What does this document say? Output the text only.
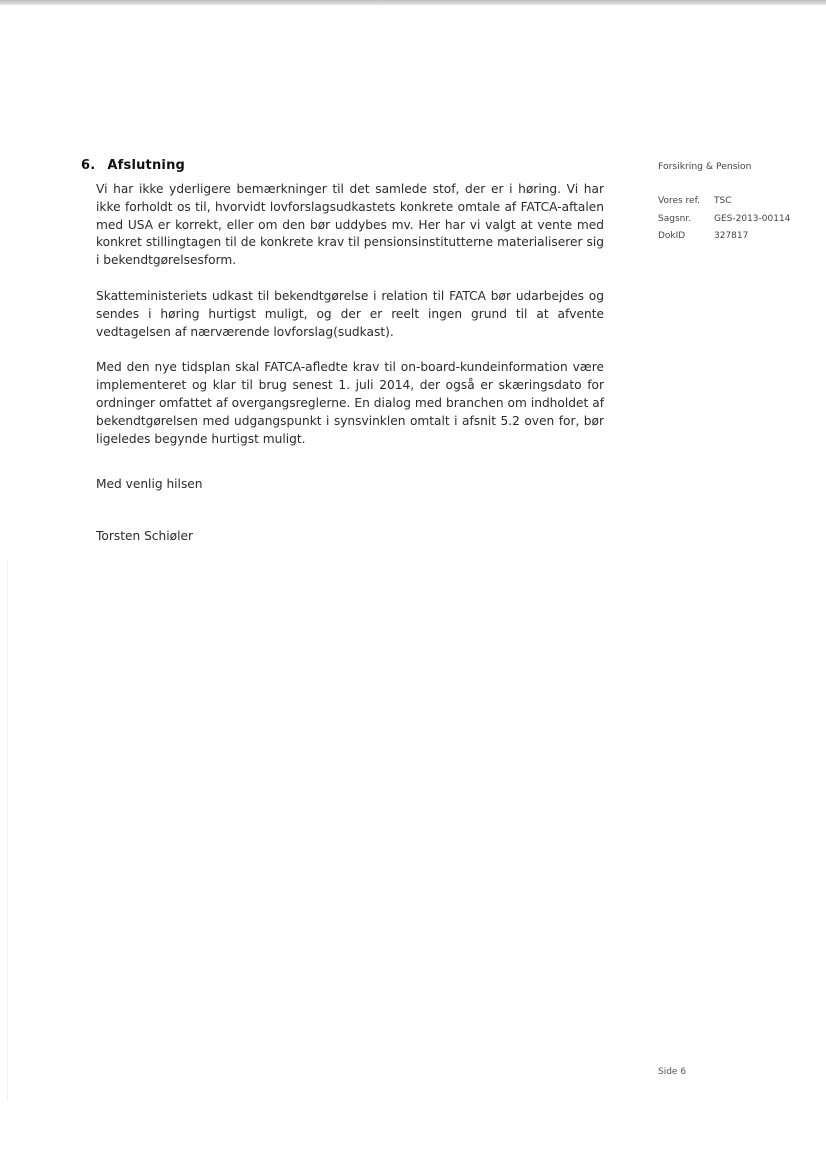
6. Afslutning

Vi har ikke yderligere bemærkninger til det samlede stof, der er i høring. Vi har ikke forholdt os til, hvorvidt lovforslagsudkastets konkrete omtale af FATCA-aftalen med USA er korrekt, eller om den bør uddybes mv. Her har vi valgt at vente med konkret stillingtagen til de konkrete krav til pensionsinstitutterne materialiserer sig i bekendtgørelsesform.

Skatteministeriets udkast til bekendtgørelse i relation til FATCA bør udarbejdes og sendes i høring hurtigst muligt, og der er reelt ingen grund til at afvente vedtagelsen af nærværende lovforslag(sudkast).

Med den nye tidsplan skal FATCA-afledte krav til on-board-kundeinformation være implementeret og klar til brug senest 1. juli 2014, der også er skæringsdato for ordninger omfattet af overgangsreglerne. En dialog med branchen om indholdet af bekendtgørelsen med udgangspunkt i synsvinklen omtalt i afsnit 5.2 oven for, bør ligeledes begynde hurtigst muligt.

Med venlig hilsen
Torsten Schiøler
Forsikring & Pension
Vores ref.	TSC
Sagsnr.	GES-2013-00114
DokID	327817
Side 6
